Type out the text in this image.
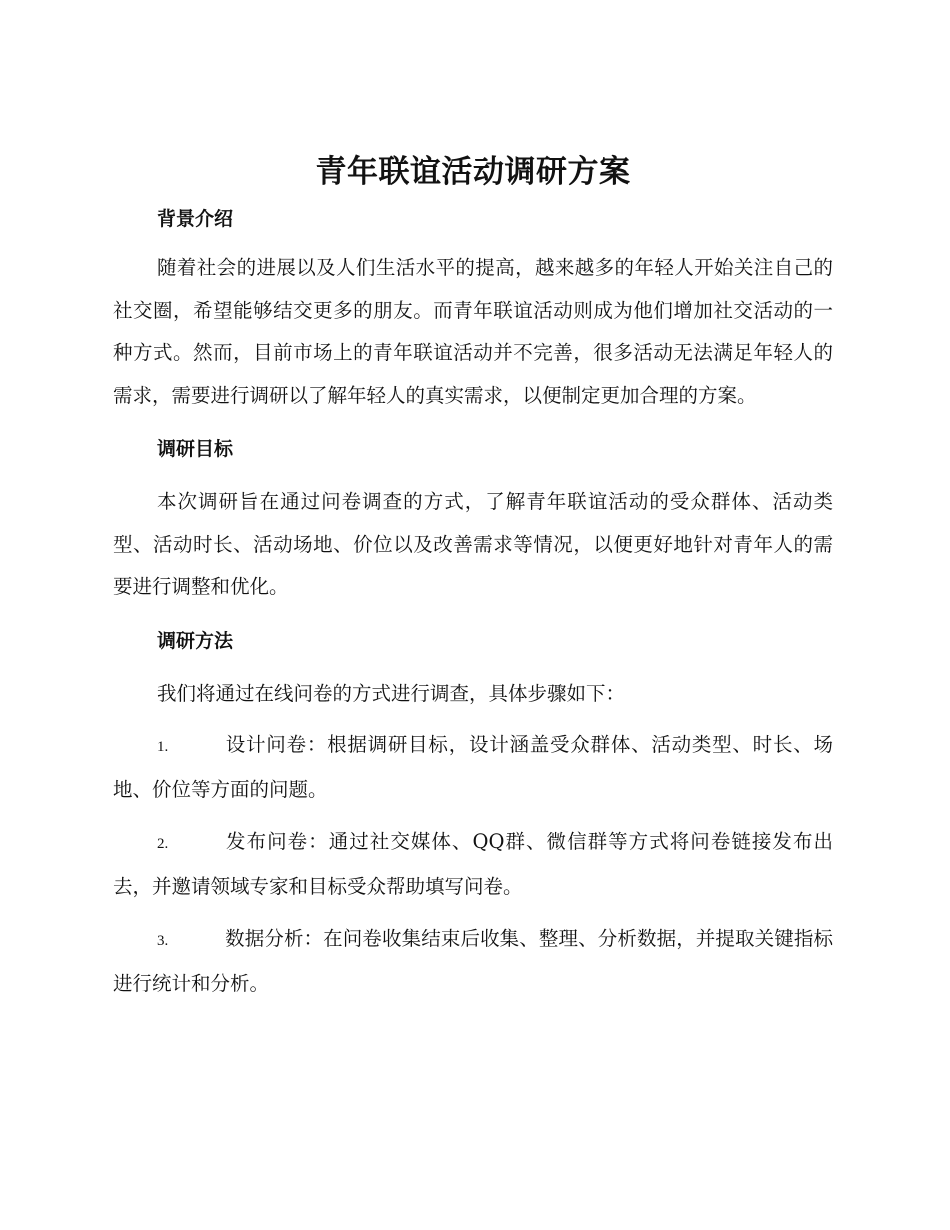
青年联谊活动调研方案
背景介绍

随着社会的进展以及人们生活水平的提高，越来越多的年轻人开始关注自己的社交圈，希望能够结交更多的朋友。而青年联谊活动则成为他们增加社交活动的一种方式。然而，目前市场上的青年联谊活动并不完善，很多活动无法满足年轻人的需求，需要进行调研以了解年轻人的真实需求，以便制定更加合理的方案。

调研目标

本次调研旨在通过问卷调查的方式，了解青年联谊活动的受众群体、活动类型、活动时长、活动场地、价位以及改善需求等情况，以便更好地针对青年人的需要进行调整和优化。

调研方法

我们将通过在线问卷的方式进行调查，具体步骤如下：

1.	设计问卷：根据调研目标，设计涵盖受众群体、活动类型、时长、场地、价位等方面的问题。

2.	发布问卷：通过社交媒体、QQ群、微信群等方式将问卷链接发布出去，并邀请领域专家和目标受众帮助填写问卷。

3.	数据分析：在问卷收集结束后收集、整理、分析数据，并提取关键指标进行统计和分析。
